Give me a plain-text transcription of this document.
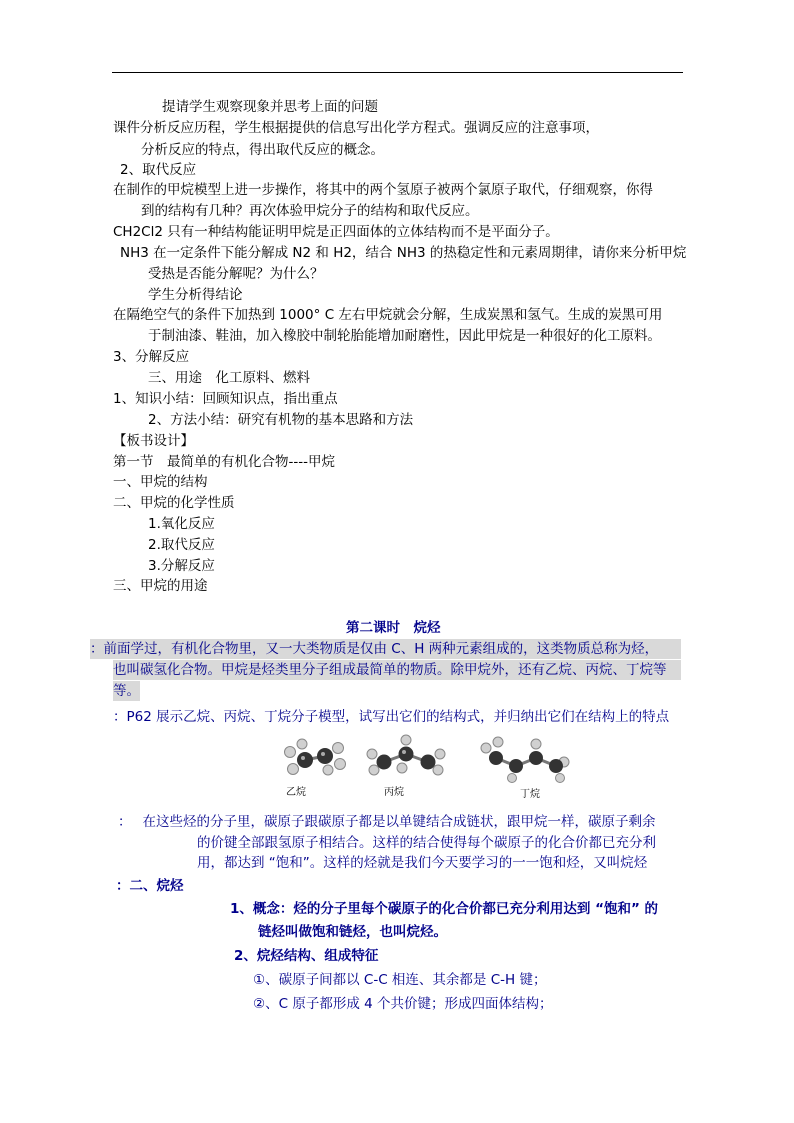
提请学生观察现象并思考上面的问题
课件分析反应历程，学生根据提供的信息写出化学方程式。强调反应的注意事项，
分析反应的特点，得出取代反应的概念。
2、取代反应
在制作的甲烷模型上进一步操作，将其中的两个氢原子被两个氯原子取代，仔细观察，你得
到的结构有几种？再次体验甲烷分子的结构和取代反应。
CH2Cl2 只有一种结构能证明甲烷是正四面体的立体结构而不是平面分子。
NH3 在一定条件下能分解成 N2 和 H2，结合 NH3 的热稳定性和元素周期律，请你来分析甲烷
受热是否能分解呢？为什么？
学生分析得结论
在隔绝空气的条件下加热到 1000° C 左右甲烷就会分解，生成炭黑和氢气。生成的炭黑可用
于制油漆、鞋油，加入橡胶中制轮胎能增加耐磨性，因此甲烷是一种很好的化工原料。
3、分解反应
三、用途　化工原料、燃料
1、知识小结：回顾知识点，指出重点
2、方法小结：研究有机物的基本思路和方法
【板书设计】
第一节　最简单的有机化合物----甲烷
一、甲烷的结构
二、甲烷的化学性质
1.氧化反应
2.取代反应
3.分解反应
三、甲烷的用途
第二课时　烷烃
：前面学过，有机化合物里，又一大类物质是仅由 C、H 两种元素组成的，这类物质总称为烃，
也叫碳氢化合物。甲烷是烃类里分子组成最简单的物质。除甲烷外，还有乙烷、丙烷、丁烷等
等。
：P62 展示乙烷、丙烷、丁烷分子模型，试写出它们的结构式，并归纳出它们在结构上的特点
乙烷	丙烷	丁烷
：　 在这些烃的分子里，碳原子跟碳原子都是以单键结合成链状，跟甲烷一样，碳原子剩余
的价键全部跟氢原子相结合。这样的结合使得每个碳原子的化合价都已充分利
用，都达到 “饱和”。这样的烃就是我们今天要学习的一一饱和烃，又叫烷烃
：二、烷烃
1、概念：烃的分子里每个碳原子的化合价都已充分利用达到 “饱和” 的
链烃叫做饱和链烃，也叫烷烃。
2、烷烃结构、组成特征
①、碳原子间都以 C-C 相连、其余都是 C-H 键；
②、C 原子都形成 4 个共价键；形成四面体结构；
